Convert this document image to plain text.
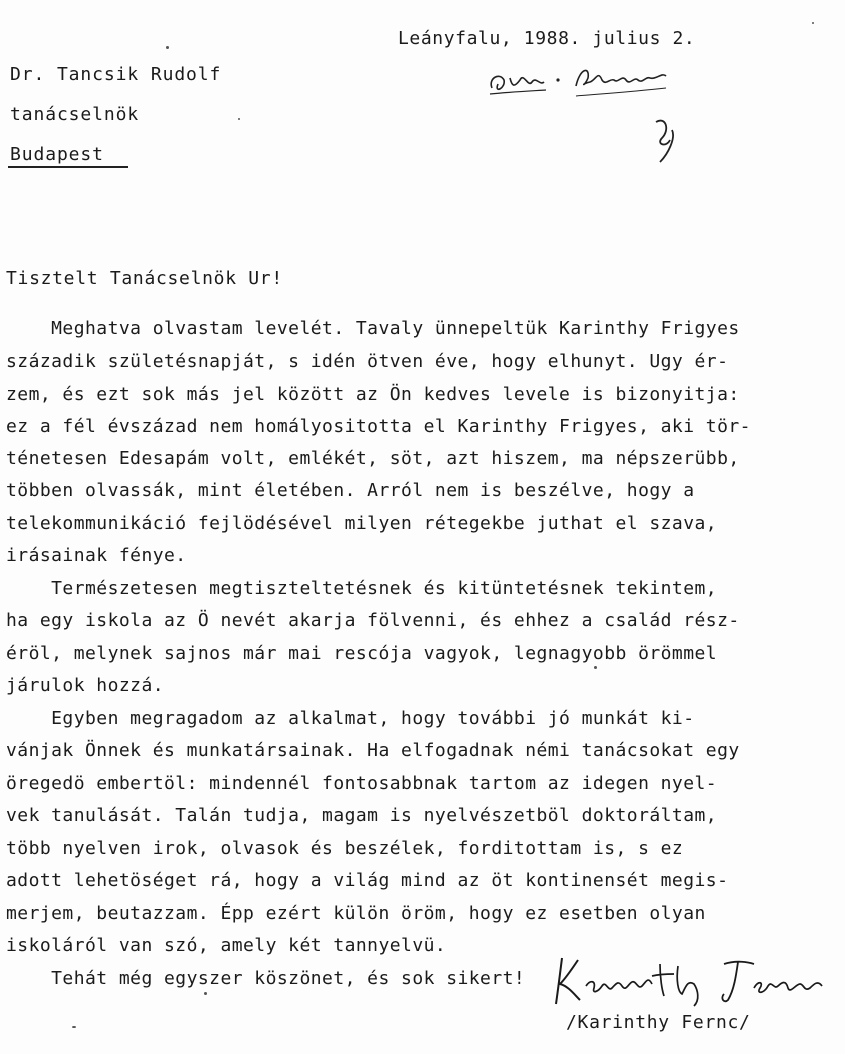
Leányfalu, 1988. julius 2.
Dr. Tancsik Rudolf
tanácselnök
Budapest
Tisztelt Tanácselnök Ur!
Meghatva olvastam levelét. Tavaly ünnepeltük Karinthy Frigyes
századik születésnapját, s idén ötven éve, hogy elhunyt. Ugy ér-
zem, és ezt sok más jel között az Ön kedves levele is bizonyitja:
ez a fél évszázad nem homályositotta el Karinthy Frigyes, aki tör-
ténetesen Edesapám volt, emlékét, söt, azt hiszem, ma népszerübb,
többen olvassák, mint életében. Arról nem is beszélve, hogy a
telekommunikáció fejlödésével milyen rétegekbe juthat el szava,
irásainak fénye.
Természetesen megtiszteltetésnek és kitüntetésnek tekintem,
ha egy iskola az Ö nevét akarja fölvenni, és ehhez a család rész-
éröl, melynek sajnos már mai rescója vagyok, legnagyobb örömmel
járulok hozzá.
Egyben megragadom az alkalmat, hogy további jó munkát ki-
vánjak Önnek és munkatársainak. Ha elfogadnak némi tanácsokat egy
öregedö embertöl: mindennél fontosabbnak tartom az idegen nyel-
vek tanulását. Talán tudja, magam is nyelvészetböl doktoráltam,
több nyelven irok, olvasok és beszélek, forditottam is, s ez
adott lehetöséget rá, hogy a világ mind az öt kontinensét megis-
merjem, beutazzam. Épp ezért külön öröm, hogy ez esetben olyan
iskoláról van szó, amely két tannyelvü.
Tehát még egyszer köszönet, és sok sikert!
/Karinthy Fernc/
